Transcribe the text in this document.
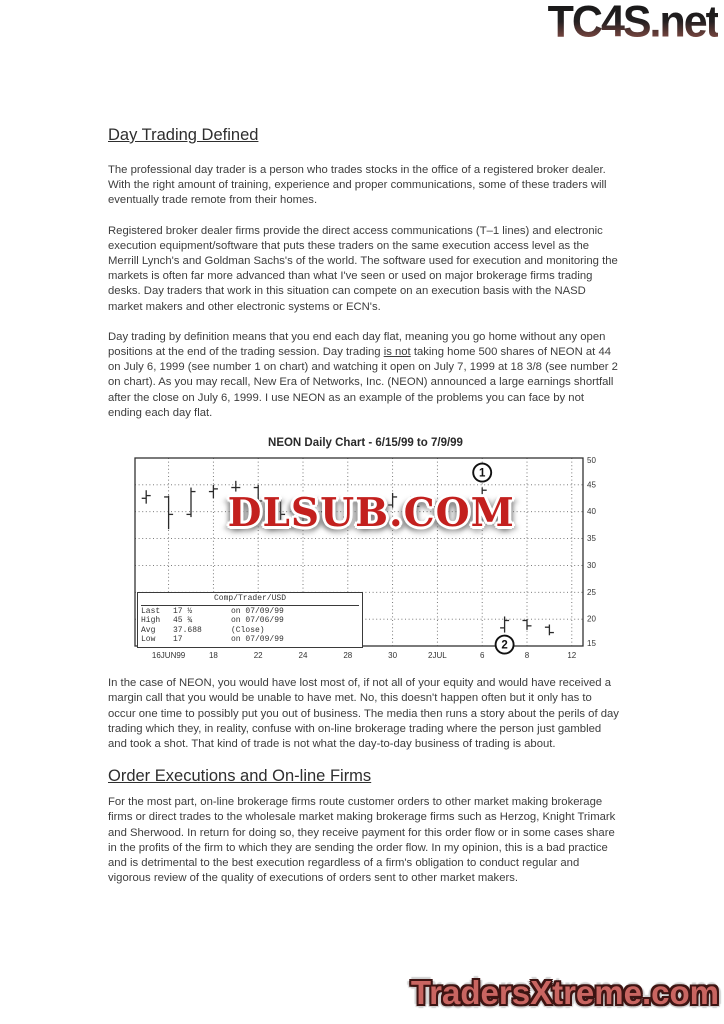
TC4S.net
Day Trading Defined

The professional day trader is a person who trades stocks in the office of a registered broker dealer. With the right amount of training, experience and proper communications, some of these traders will eventually trade remote from their homes.

Registered broker dealer firms provide the direct access communications (T–1 lines) and electronic execution equipment/software that puts these traders on the same execution access level as the Merrill Lynch's and Goldman Sachs's of the world. The software used for execution and monitoring the markets is often far more advanced than what I've seen or used on major brokerage firms trading desks. Day traders that work in this situation can compete on an execution basis with the NASD market makers and other electronic systems or ECN's.

Day trading by definition means that you end each day flat, meaning you go home without any open positions at the end of the trading session. Day trading is not taking home 500 shares of NEON at 44 on July 6, 1999 (see number 1 on chart) and watching it open on July 7, 1999 at 18 3/8 (see number 2 on chart). As you may recall, New Era of Networks, Inc. (NEON) announced a large earnings shortfall after the close on July 6, 1999. I use NEON as an example of the problems you can face by not ending each day flat.

NEON Daily Chart - 6/15/99 to 7/9/99
50
45
40
35
30
25
20
15
16JUN99	18	22	24	28	30	2JUL	6	8	12
1
2
DLSUB.COM
Comp/Trader/USD
Last	17 ½	on 07/09/99
High	45 ¾	on 07/06/99
Avg	37.688	(Close)
Low	17	on 07/09/99

In the case of NEON, you would have lost most of, if not all of your equity and would have received a margin call that you would be unable to have met. No, this doesn't happen often but it only has to occur one time to possibly put you out of business. The media then runs a story about the perils of day trading which they, in reality, confuse with on-line brokerage trading where the person just gambled and took a shot. That kind of trade is not what the day-to-day business of trading is about.

Order Executions and On-line Firms

For the most part, on-line brokerage firms route customer orders to other market making brokerage firms or direct trades to the wholesale market making brokerage firms such as Herzog, Knight Trimark and Sherwood. In return for doing so, they receive payment for this order flow or in some cases share in the profits of the firm to which they are sending the order flow. In my opinion, this is a bad practice and is detrimental to the best execution regardless of a firm's obligation to conduct regular and vigorous review of the quality of executions of orders sent to other market makers.

TradersXtreme.com
